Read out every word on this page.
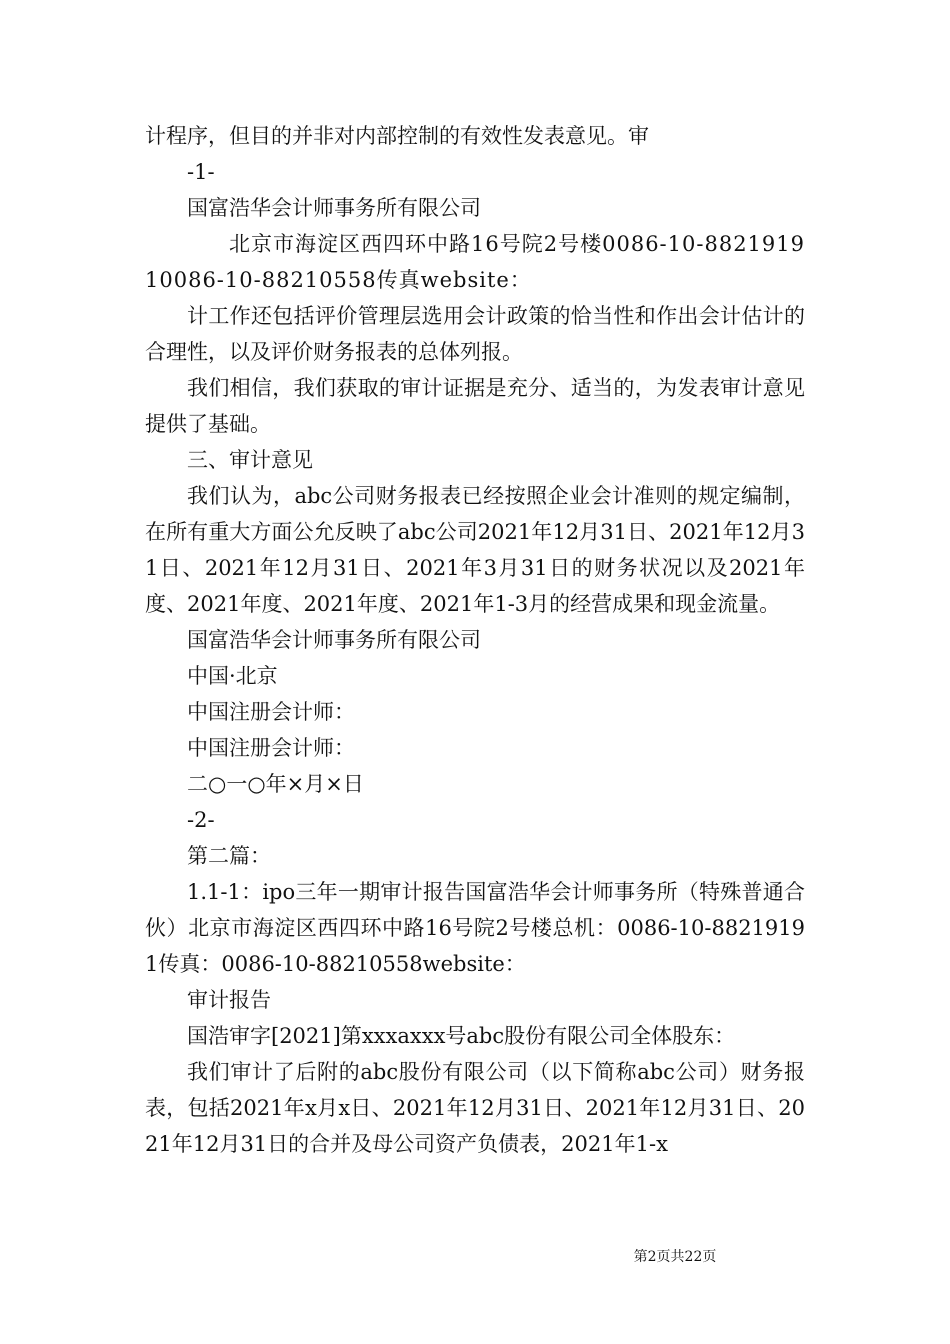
计程序，但目的并非对内部控制的有效性发表意见。审

-1-

国富浩华会计师事务所有限公司

北京市海淀区西四环中路16号院2号楼0086-10-882191910086-10-88210558传真website：

计工作还包括评价管理层选用会计政策的恰当性和作出会计估计的合理性，以及评价财务报表的总体列报。

我们相信，我们获取的审计证据是充分、适当的，为发表审计意见提供了基础。

三、审计意见

我们认为，abc公司财务报表已经按照企业会计准则的规定编制，在所有重大方面公允反映了abc公司2021年12月31日、2021年12月31日、2021年12月31日、2021年3月31日的财务状况以及2021年度、2021年度、2021年度、2021年1-3月的经营成果和现金流量。

国富浩华会计师事务所有限公司

中国·北京

中国注册会计师：

中国注册会计师：

二○一○年×月×日

-2-

第二篇：

1.1-1：ipo三年一期审计报告国富浩华会计师事务所（特殊普通合伙）北京市海淀区西四环中路16号院2号楼总机：0086-10-88219191传真：0086-10-88210558website：

审计报告

国浩审字[2021]第xxxaxxx号abc股份有限公司全体股东：

我们审计了后附的abc股份有限公司（以下简称abc公司）财务报表，包括2021年x月x日、2021年12月31日、2021年12月31日、2021年12月31日的合并及母公司资产负债表，2021年1-x

第2页共22页
